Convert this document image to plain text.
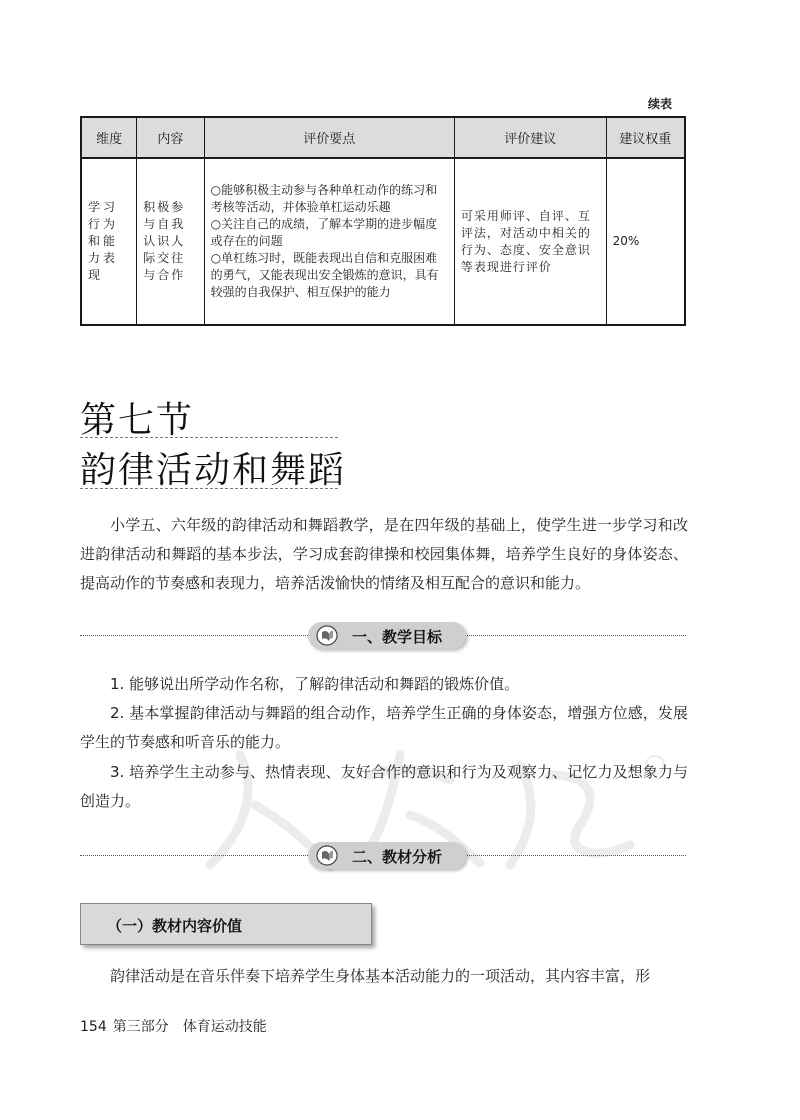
续表
维度	内容	评价要点	评价建议	建议权重
学习行为和能力表现	积极参与自我认识人际交往与合作	○能够积极主动参与各种单杠动作的练习和考核等活动，并体验单杠运动乐趣
○关注自己的成绩，了解本学期的进步幅度或存在的问题
○单杠练习时，既能表现出自信和克服困难的勇气，又能表现出安全锻炼的意识，具有较强的自我保护、相互保护的能力	可采用师评、自评、互评法，对活动中相关的行为、态度、安全意识等表现进行评价	20%
第七节
韵律活动和舞蹈

小学五、六年级的韵律活动和舞蹈教学，是在四年级的基础上，使学生进一步学习和改进韵律活动和舞蹈的基本步法，学习成套韵律操和校园集体舞，培养学生良好的身体姿态、提高动作的节奏感和表现力，培养活泼愉快的情绪及相互配合的意识和能力。

一、教学目标

1. 能够说出所学动作名称，了解韵律活动和舞蹈的锻炼价值。

2. 基本掌握韵律活动与舞蹈的组合动作，培养学生正确的身体姿态，增强方位感，发展学生的节奏感和听音乐的能力。

3. 培养学生主动参与、热情表现、友好合作的意识和行为及观察力、记忆力及想象力与创造力。

二、教材分析
（一）教材内容价值

韵律活动是在音乐伴奏下培养学生身体基本活动能力的一项活动，其内容丰富，形

154 第三部分　体育运动技能
